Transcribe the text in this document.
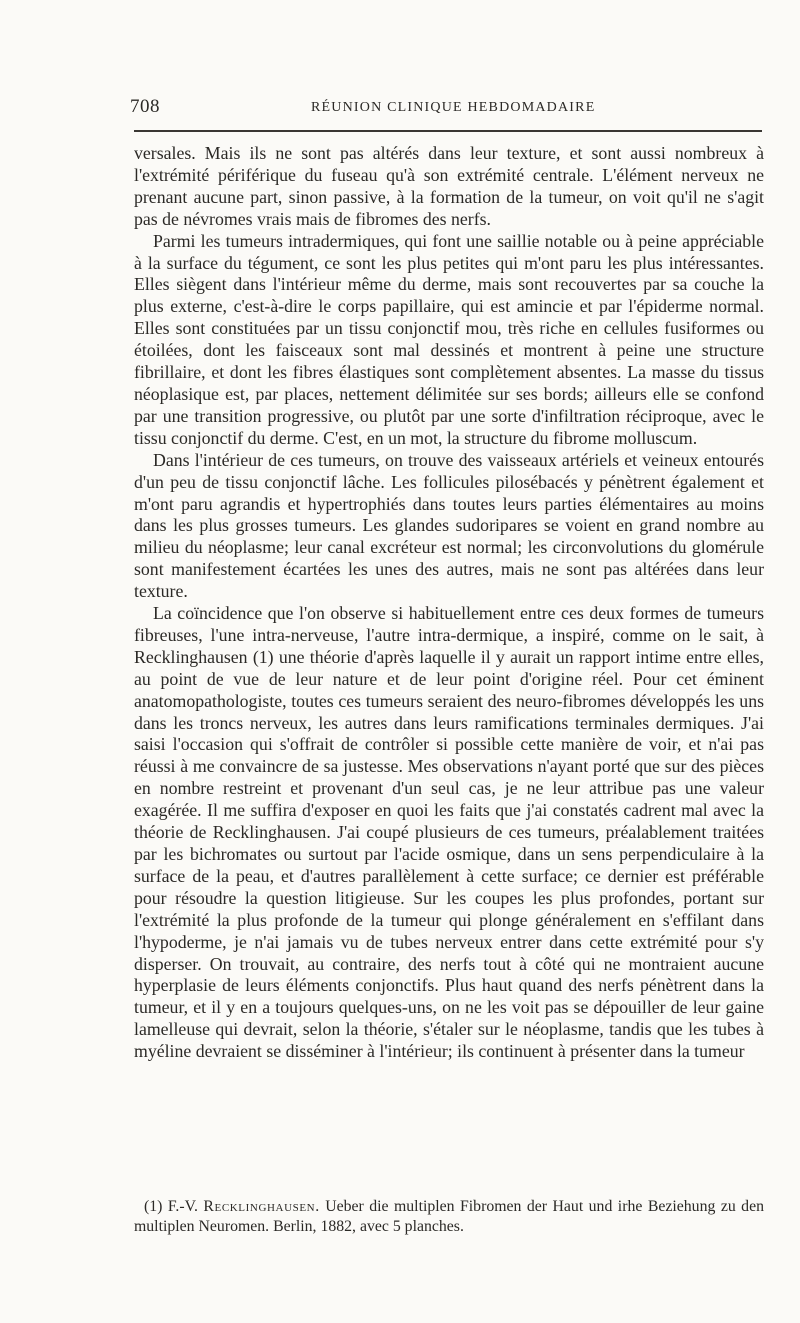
708	RÉUNION CLINIQUE HEBDOMADAIRE

versales. Mais ils ne sont pas altérés dans leur texture, et sont aussi nombreux à l'extrémité périférique du fuseau qu'à son extrémité centrale. L'élément nerveux ne prenant aucune part, sinon passive, à la formation de la tumeur, on voit qu'il ne s'agit pas de névromes vrais mais de fibromes des nerfs.

Parmi les tumeurs intradermiques, qui font une saillie notable ou à peine appréciable à la surface du tégument, ce sont les plus petites qui m'ont paru les plus intéressantes. Elles siègent dans l'intérieur même du derme, mais sont recouvertes par sa couche la plus externe, c'est-à-dire le corps papillaire, qui est amincie et par l'épiderme normal. Elles sont constituées par un tissu conjonctif mou, très riche en cellules fusiformes ou étoilées, dont les faisceaux sont mal dessinés et montrent à peine une structure fibrillaire, et dont les fibres élastiques sont complètement absentes. La masse du tissus néoplasique est, par places, nettement délimitée sur ses bords; ailleurs elle se confond par une transition progressive, ou plutôt par une sorte d'infiltration réciproque, avec le tissu conjonctif du derme. C'est, en un mot, la structure du fibrome molluscum.

Dans l'intérieur de ces tumeurs, on trouve des vaisseaux artériels et veineux entourés d'un peu de tissu conjonctif lâche. Les follicules pilosébacés y pénètrent également et m'ont paru agrandis et hypertrophiés dans toutes leurs parties élémentaires au moins dans les plus grosses tumeurs. Les glandes sudoripares se voient en grand nombre au milieu du néoplasme; leur canal excréteur est normal; les circonvolutions du glomérule sont manifestement écartées les unes des autres, mais ne sont pas altérées dans leur texture.

La coïncidence que l'on observe si habituellement entre ces deux formes de tumeurs fibreuses, l'une intra-nerveuse, l'autre intra-dermique, a inspiré, comme on le sait, à Recklinghausen (1) une théorie d'après laquelle il y aurait un rapport intime entre elles, au point de vue de leur nature et de leur point d'origine réel. Pour cet éminent anatomopathologiste, toutes ces tumeurs seraient des neuro-fibromes développés les uns dans les troncs nerveux, les autres dans leurs ramifications terminales dermiques. J'ai saisi l'occasion qui s'offrait de contrôler si possible cette manière de voir, et n'ai pas réussi à me convaincre de sa justesse. Mes observations n'ayant porté que sur des pièces en nombre restreint et provenant d'un seul cas, je ne leur attribue pas une valeur exagérée. Il me suffira d'exposer en quoi les faits que j'ai constatés cadrent mal avec la théorie de Recklinghausen. J'ai coupé plusieurs de ces tumeurs, préalablement traitées par les bichromates ou surtout par l'acide osmique, dans un sens perpendiculaire à la surface de la peau, et d'autres parallèlement à cette surface; ce dernier est préférable pour résoudre la question litigieuse. Sur les coupes les plus profondes, portant sur l'extrémité la plus profonde de la tumeur qui plonge généralement en s'effilant dans l'hypoderme, je n'ai jamais vu de tubes nerveux entrer dans cette extrémité pour s'y disperser. On trouvait, au contraire, des nerfs tout à côté qui ne montraient aucune hyperplasie de leurs éléments conjonctifs. Plus haut quand des nerfs pénètrent dans la tumeur, et il y en a toujours quelques-uns, on ne les voit pas se dépouiller de leur gaine lamelleuse qui devrait, selon la théorie, s'étaler sur le néoplasme, tandis que les tubes à myéline devraient se disséminer à l'intérieur; ils continuent à présenter dans la tumeur

(1) F.-V. Recklinghausen. Ueber die multiplen Fibromen der Haut und irhe Beziehung zu den multiplen Neuromen. Berlin, 1882, avec 5 planches.
